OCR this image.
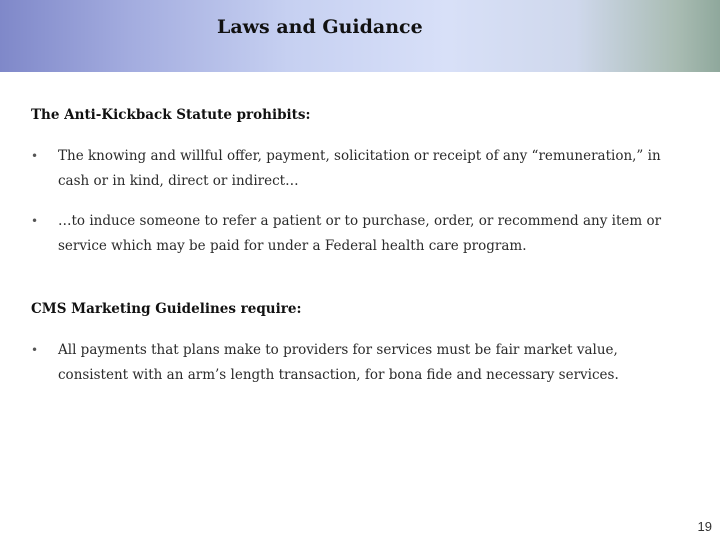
Laws and Guidance
The Anti-Kickback Statute prohibits:
• The knowing and willful offer, payment, solicitation or receipt of any “remuneration,” in cash or in kind, direct or indirect…
• …to induce someone to refer a patient or to purchase, order, or recommend any item or service which may be paid for under a Federal health care program.
CMS Marketing Guidelines require:
• All payments that plans make to providers for services must be fair market value, consistent with an arm’s length transaction, for bona fide and necessary services.
19
